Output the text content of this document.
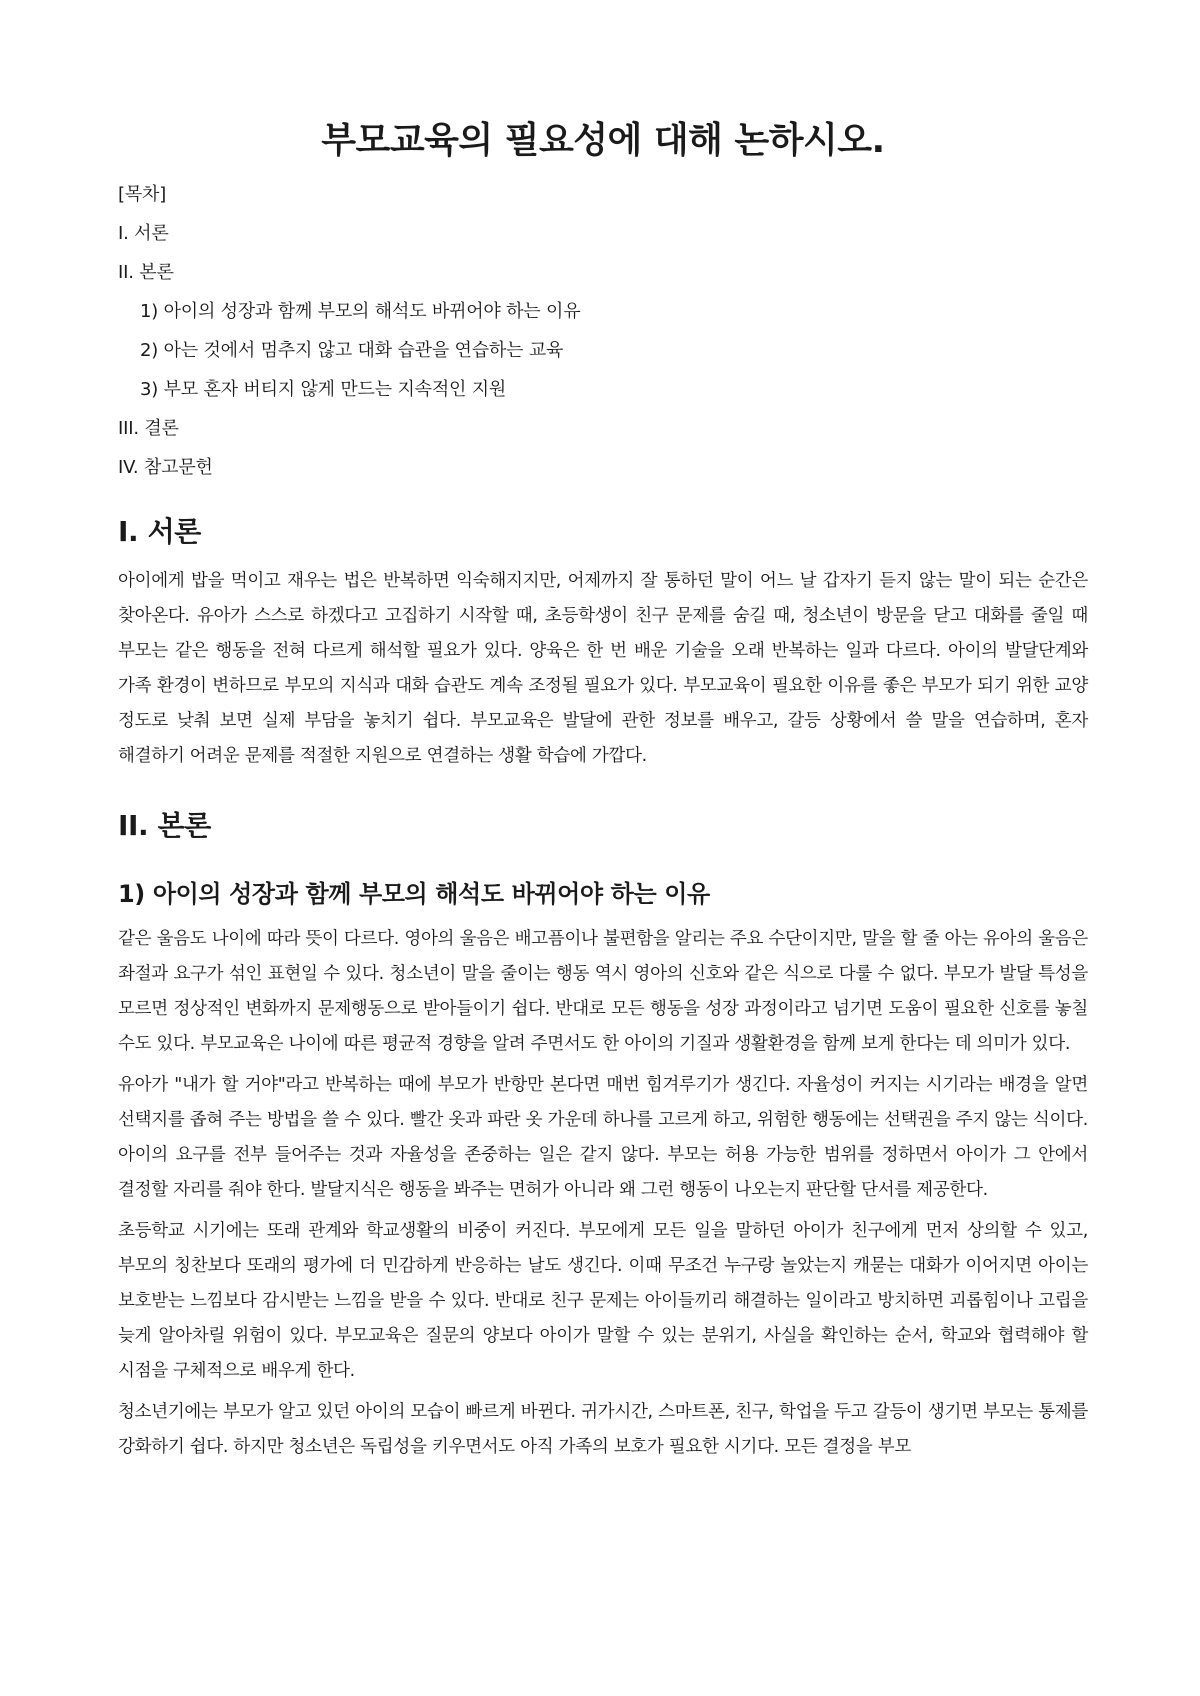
부모교육의 필요성에 대해 논하시오.
[목차]
I. 서론
II. 본론
1) 아이의 성장과 함께 부모의 해석도 바뀌어야 하는 이유
2) 아는 것에서 멈추지 않고 대화 습관을 연습하는 교육
3) 부모 혼자 버티지 않게 만드는 지속적인 지원
III. 결론
IV. 참고문헌
I. 서론

아이에게 밥을 먹이고 재우는 법은 반복하면 익숙해지지만, 어제까지 잘 통하던 말이 어느 날 갑자기 듣지 않는 말이 되는 순간은 찾아온다. 유아가 스스로 하겠다고 고집하기 시작할 때, 초등학생이 친구 문제를 숨길 때, 청소년이 방문을 닫고 대화를 줄일 때 부모는 같은 행동을 전혀 다르게 해석할 필요가 있다. 양육은 한 번 배운 기술을 오래 반복하는 일과 다르다. 아이의 발달단계와 가족 환경이 변하므로 부모의 지식과 대화 습관도 계속 조정될 필요가 있다. 부모교육이 필요한 이유를 좋은 부모가 되기 위한 교양 정도로 낮춰 보면 실제 부담을 놓치기 쉽다. 부모교육은 발달에 관한 정보를 배우고, 갈등 상황에서 쓸 말을 연습하며, 혼자 해결하기 어려운 문제를 적절한 지원으로 연결하는 생활 학습에 가깝다.

II. 본론
1) 아이의 성장과 함께 부모의 해석도 바뀌어야 하는 이유

같은 울음도 나이에 따라 뜻이 다르다. 영아의 울음은 배고픔이나 불편함을 알리는 주요 수단이지만, 말을 할 줄 아는 유아의 울음은 좌절과 요구가 섞인 표현일 수 있다. 청소년이 말을 줄이는 행동 역시 영아의 신호와 같은 식으로 다룰 수 없다. 부모가 발달 특성을 모르면 정상적인 변화까지 문제행동으로 받아들이기 쉽다. 반대로 모든 행동을 성장 과정이라고 넘기면 도움이 필요한 신호를 놓칠 수도 있다. 부모교육은 나이에 따른 평균적 경향을 알려 주면서도 한 아이의 기질과 생활환경을 함께 보게 한다는 데 의미가 있다.

유아가 "내가 할 거야"라고 반복하는 때에 부모가 반항만 본다면 매번 힘겨루기가 생긴다. 자율성이 커지는 시기라는 배경을 알면 선택지를 좁혀 주는 방법을 쓸 수 있다. 빨간 옷과 파란 옷 가운데 하나를 고르게 하고, 위험한 행동에는 선택권을 주지 않는 식이다. 아이의 요구를 전부 들어주는 것과 자율성을 존중하는 일은 같지 않다. 부모는 허용 가능한 범위를 정하면서 아이가 그 안에서 결정할 자리를 줘야 한다. 발달지식은 행동을 봐주는 면허가 아니라 왜 그런 행동이 나오는지 판단할 단서를 제공한다.

초등학교 시기에는 또래 관계와 학교생활의 비중이 커진다. 부모에게 모든 일을 말하던 아이가 친구에게 먼저 상의할 수 있고, 부모의 칭찬보다 또래의 평가에 더 민감하게 반응하는 날도 생긴다. 이때 무조건 누구랑 놀았는지 캐묻는 대화가 이어지면 아이는 보호받는 느낌보다 감시받는 느낌을 받을 수 있다. 반대로 친구 문제는 아이들끼리 해결하는 일이라고 방치하면 괴롭힘이나 고립을 늦게 알아차릴 위험이 있다. 부모교육은 질문의 양보다 아이가 말할 수 있는 분위기, 사실을 확인하는 순서, 학교와 협력해야 할 시점을 구체적으로 배우게 한다.

청소년기에는 부모가 알고 있던 아이의 모습이 빠르게 바뀐다. 귀가시간, 스마트폰, 친구, 학업을 두고 갈등이 생기면 부모는 통제를 강화하기 쉽다. 하지만 청소년은 독립성을 키우면서도 아직 가족의 보호가 필요한 시기다. 모든 결정을 부모
